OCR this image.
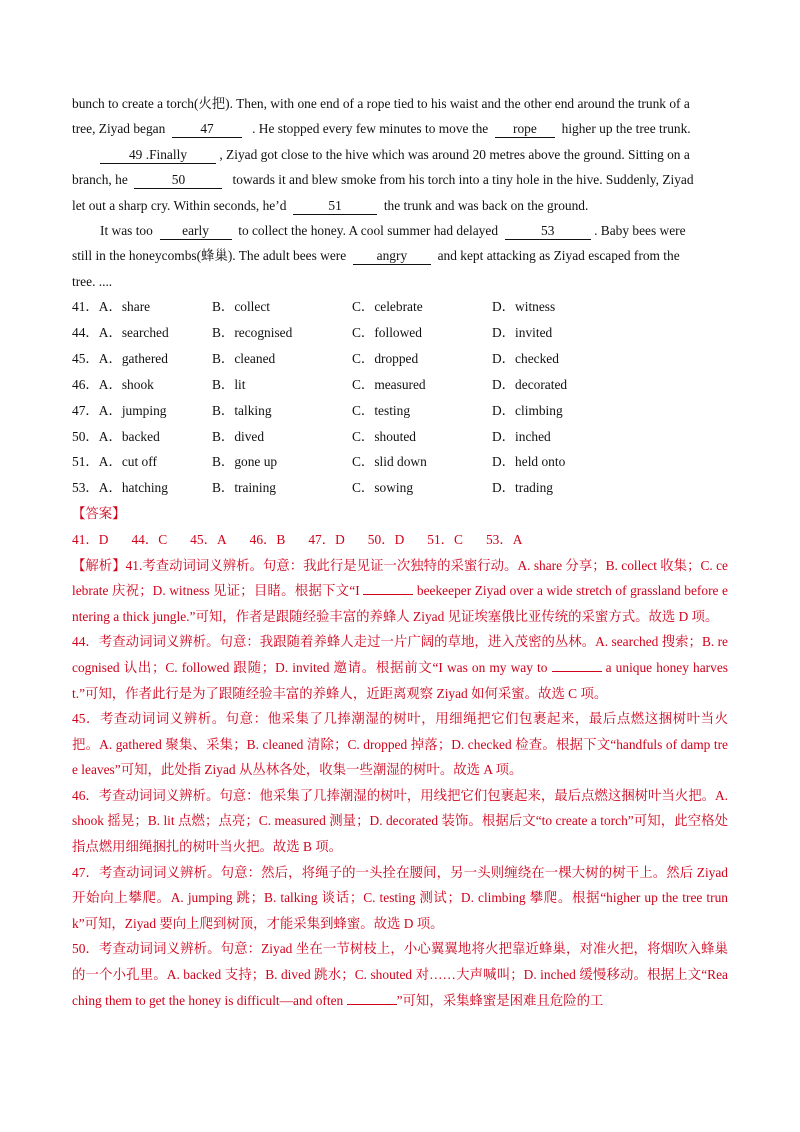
bunch to create a torch(火把). Then, with one end of a rope tied to his waist and the other end around the trunk of a

tree, Ziyad began	47	. He stopped every few minutes to move the rope higher up the tree trunk.

49 .Finally , Ziyad got close to the hive which was around 20 metres above the ground. Sitting on a

branch, he	50	towards it and blew smoke from his torch into a tiny hole in the hive. Suddenly, Ziyad

let out a sharp cry. Within seconds, he’d	51	the trunk and was back on the ground.

It was too early to collect the honey. A cool summer had delayed	53	. Baby bees were

still in the honeycombs(蜂巢). The adult bees were angry and kept attacking as Ziyad escaped from the

tree. ....

41．A．share	B．collect	C．celebrate	D．witness
44．A．searched	B．recognised	C．followed	D．invited
45．A．gathered	B．cleaned	C．dropped	D．checked
46．A．shook	B．lit	C．measured	D．decorated
47．A．jumping	B．talking	C．testing	D．climbing
50．A．backed	B．dived	C．shouted	D．inched
51．A．cut off	B．gone up	C．slid down	D．held onto
53．A．hatching	B．training	C．sowing	D．trading

【答案】

41．D 44．C 45．A 46．B 47．D 50．D 51．C 53．A

【解析】41.考查动词词义辨析。句意：我此行是见证一次独特的采蜜行动。A. share 分享；B. collect 收集；C. celebrate 庆祝；D. witness 见证；目睹。根据下文“I	beekeeper Ziyad over a wide stretch of grassland before entering a thick jungle.”可知，作者是跟随经验丰富的养蜂人 Ziyad 见证埃塞俄比亚传统的采蜜方式。故选 D 项。

44．考查动词词义辨析。句意：我跟随着养蜂人走过一片广阔的草地，进入茂密的丛林。A. searched 搜索；B. recognised 认出；C. followed 跟随；D. invited 邀请。根据前文“I was on my way to	a unique honey harvest.”可知，作者此行是为了跟随经验丰富的养蜂人，近距离观察 Ziyad 如何采蜜。故选 C 项。

45．考查动词词义辨析。句意：他采集了几捧潮湿的树叶，用细绳把它们包裹起来，最后点燃这捆树叶当火把。A. gathered 聚集、采集；B. cleaned 清除；C. dropped 掉落；D. checked 检查。根据下文“handfuls of damp tree leaves”可知，此处指 Ziyad 从丛林各处，收集一些潮湿的树叶。故选 A 项。

46．考查动词词义辨析。句意：他采集了几捧潮湿的树叶，用线把它们包裹起来，最后点燃这捆树叶当火把。A. shook 摇晃；B. lit 点燃；点亮；C. measured 测量；D. decorated 装饰。根据后文“to create a torch”可知，此空格处指点燃用细绳捆扎的树叶当火把。故选 B 项。

47．考查动词词义辨析。句意：然后，将绳子的一头拴在腰间，另一头则缠绕在一棵大树的树干上。然后 Ziyad 开始向上攀爬。A. jumping 跳；B. talking 谈话；C. testing 测试；D. climbing 攀爬。根据“higher up the tree trunk”可知，Ziyad 要向上爬到树顶，才能采集到蜂蜜。故选 D 项。

50．考查动词词义辨析。句意：Ziyad 坐在一节树枝上，小心翼翼地将火把靠近蜂巢，对准火把，将烟吹入蜂巢的一个小孔里。A. backed 支持；B. dived 跳水；C. shouted 对……大声喊叫；D. inched 缓慢移动。根据上文“Reaching them to get the honey is difficult—and often	”可知，采集蜂蜜是困难且危险的工
